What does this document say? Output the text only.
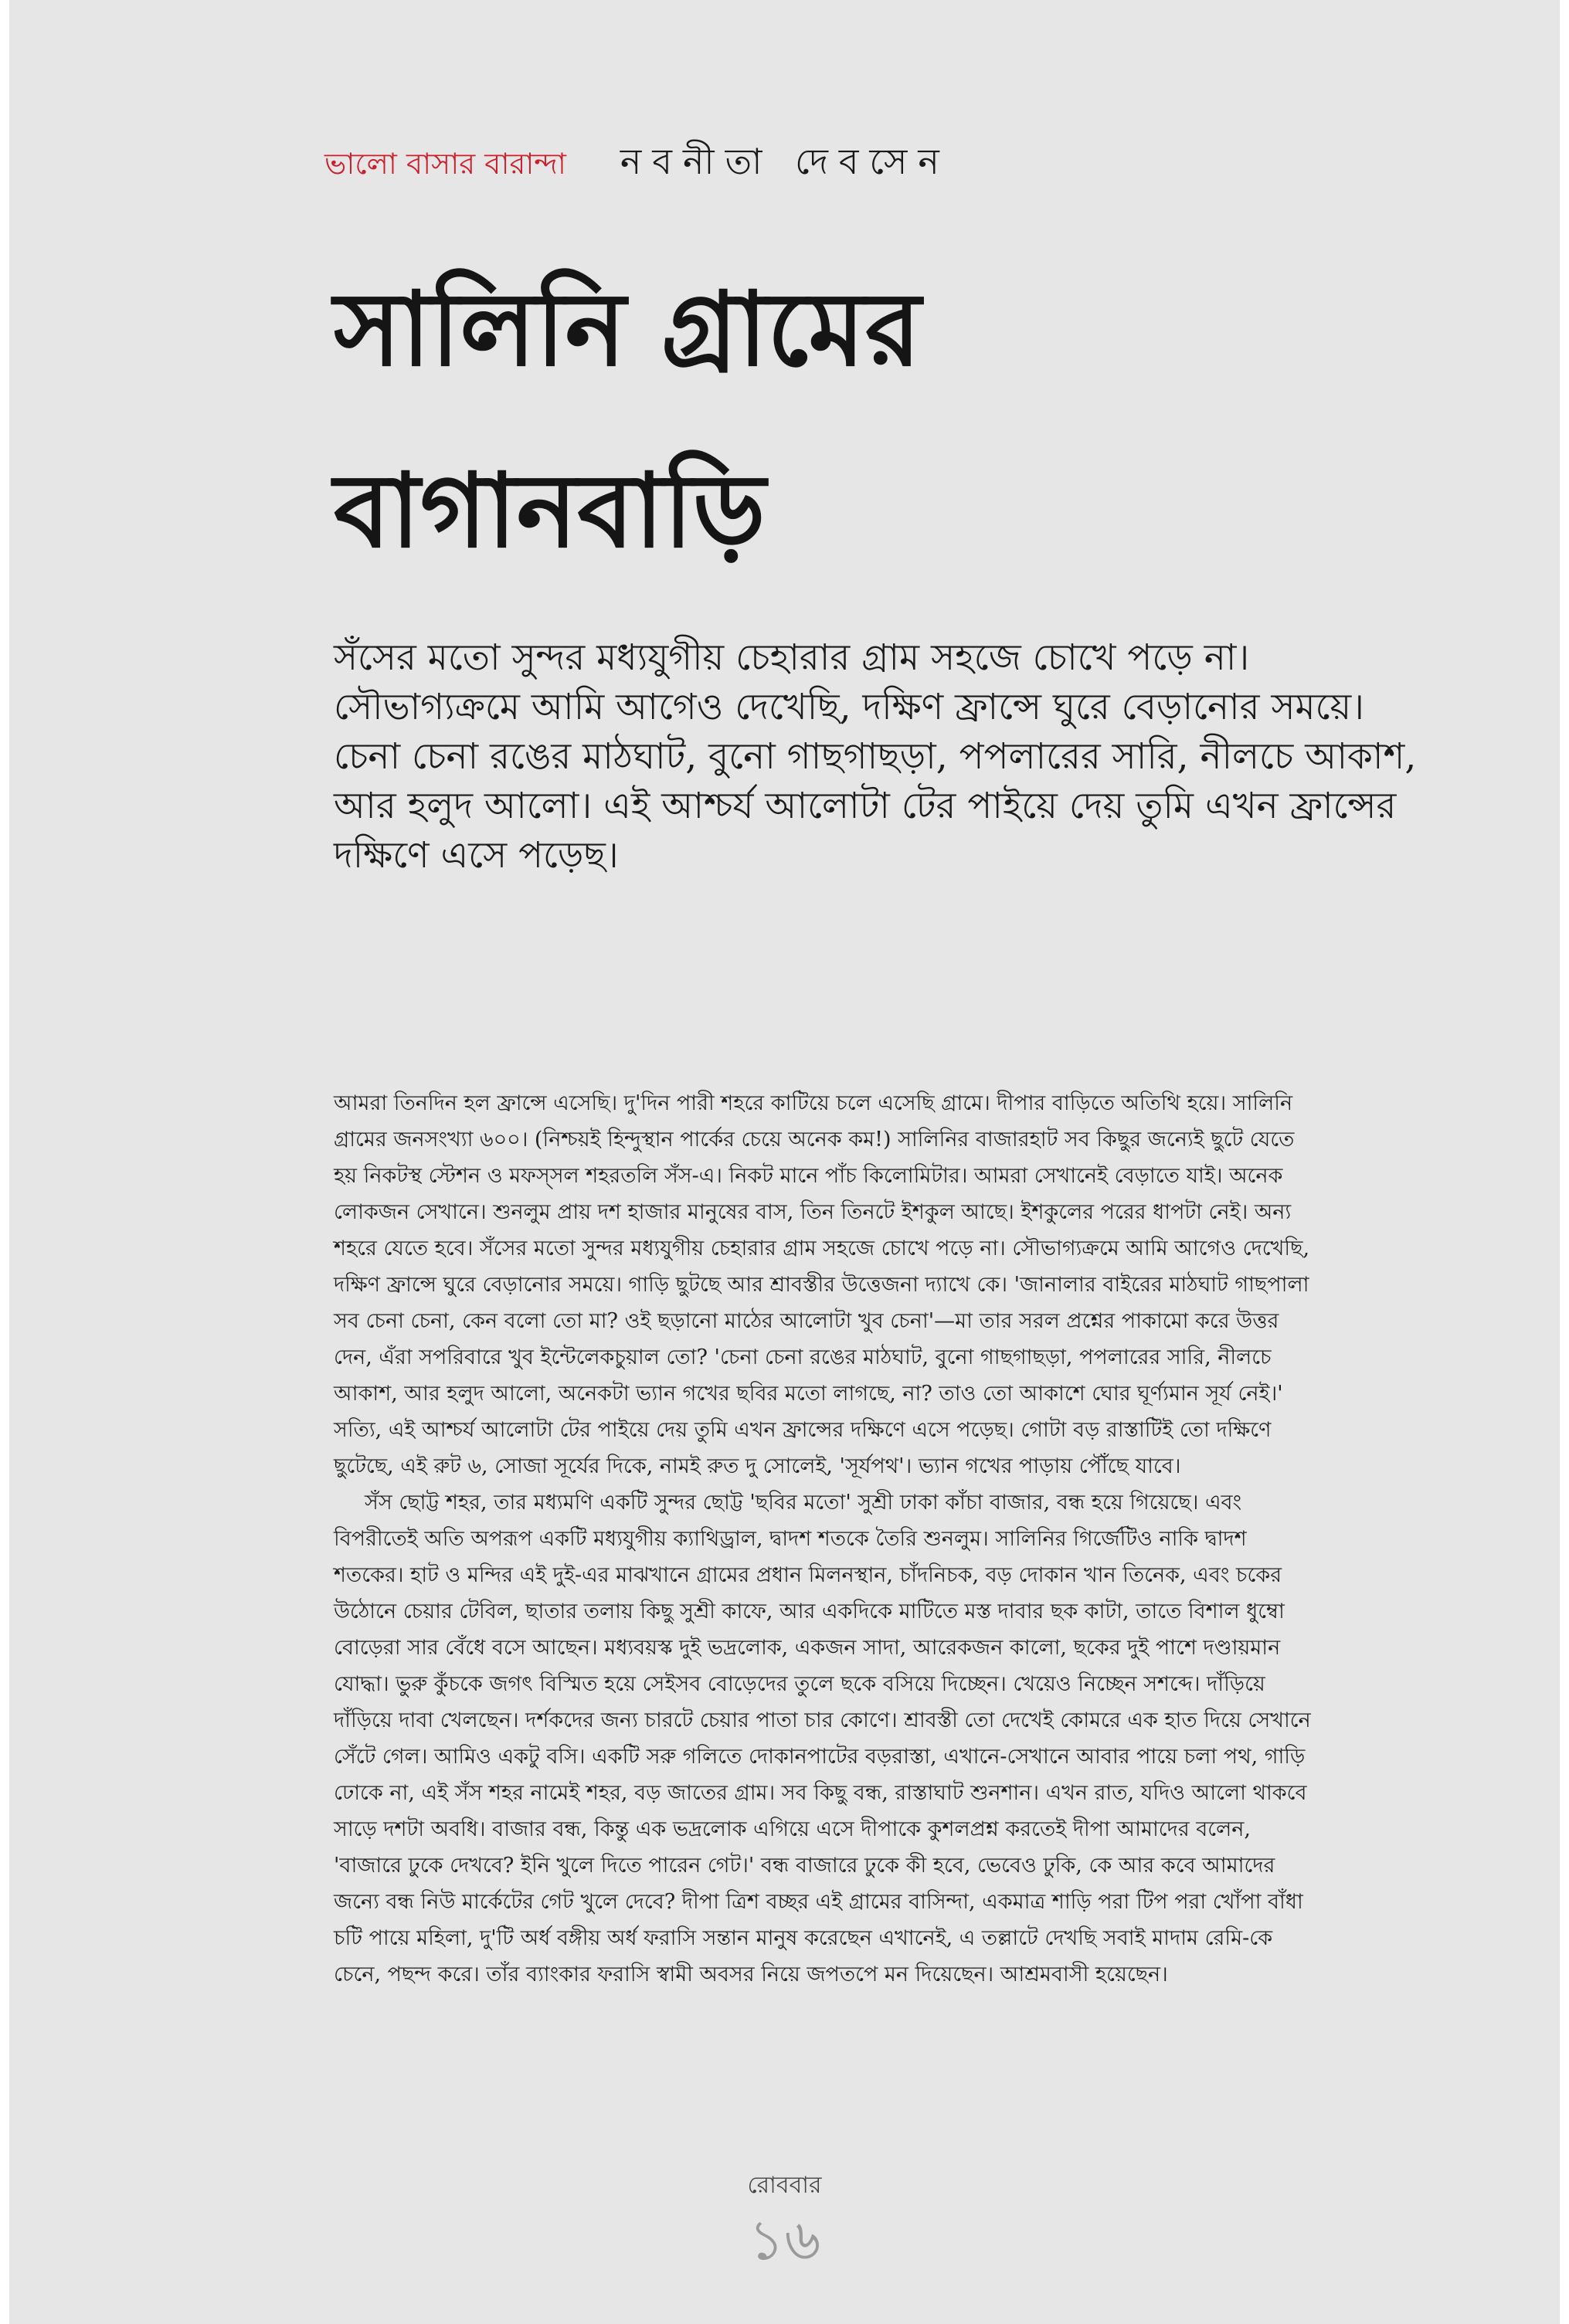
ভালো বাসার বারান্দা নবনীতা দেবসেন
সালিনি গ্রামের
বাগানবাড়ি

সঁসের মতো সুন্দর মধ্যযুগীয় চেহারার গ্রাম সহজে চোখে পড়ে না। সৌভাগ্যক্রমে আমি আগেও দেখেছি, দক্ষিণ ফ্রান্সে ঘুরে বেড়ানোর সময়ে। চেনা চেনা রঙের মাঠঘাট, বুনো গাছগাছড়া, পপলারের সারি, নীলচে আকাশ, আর হলুদ আলো। এই আশ্চর্য আলোটা টের পাইয়ে দেয় তুমি এখন ফ্রান্সের দক্ষিণে এসে পড়েছ।

আমরা তিনদিন হল ফ্রান্সে এসেছি। দু'দিন পারী শহরে কাটিয়ে চলে এসেছি গ্রামে। দীপার বাড়িতে অতিথি হয়ে। সালিনি গ্রামের জনসংখ্যা ৬০০। (নিশ্চয়ই হিন্দুস্থান পার্কের চেয়ে অনেক কম!) সালিনির বাজারহাট সব কিছুর জন্যেই ছুটে যেতে হয় নিকটস্থ স্টেশন ও মফস্সল শহরতলি সঁস-এ। নিকট মানে পাঁচ কিলোমিটার। আমরা সেখানেই বেড়াতে যাই। অনেক লোকজন সেখানে। শুনলুম প্রায় দশ হাজার মানুষের বাস, তিন তিনটে ইশকুল আছে। ইশকুলের পরের ধাপটা নেই। অন্য শহরে যেতে হবে। সঁসের মতো সুন্দর মধ্যযুগীয় চেহারার গ্রাম সহজে চোখে পড়ে না। সৌভাগ্যক্রমে আমি আগেও দেখেছি, দক্ষিণ ফ্রান্সে ঘুরে বেড়ানোর সময়ে। গাড়ি ছুটছে আর শ্রাবস্তীর উত্তেজনা দ্যাখে কে। 'জানালার বাইরের মাঠঘাট গাছপালা সব চেনা চেনা, কেন বলো তো মা? ওই ছড়ানো মাঠের আলোটা খুব চেনা'—মা তার সরল প্রশ্নের পাকামো করে উত্তর দেন, এঁরা সপরিবারে খুব ইন্টেলেকচুয়াল তো? 'চেনা চেনা রঙের মাঠঘাট, বুনো গাছগাছড়া, পপলারের সারি, নীলচে আকাশ, আর হলুদ আলো, অনেকটা ভ্যান গখের ছবির মতো লাগছে, না? তাও তো আকাশে ঘোর ঘূর্ণ্যমান সূর্য নেই।' সত্যি, এই আশ্চর্য আলোটা টের পাইয়ে দেয় তুমি এখন ফ্রান্সের দক্ষিণে এসে পড়েছ। গোটা বড় রাস্তাটিই তো দক্ষিণে ছুটেছে, এই রুট ৬, সোজা সূর্যের দিকে, নামই রুত দু সোলেই, 'সূর্যপথ'। ভ্যান গখের পাড়ায় পৌঁছে যাবে।

সঁস ছোট্ট শহর, তার মধ্যমণি একটি সুন্দর ছোট্ট 'ছবির মতো' সুশ্রী ঢাকা কাঁচা বাজার, বন্ধ হয়ে গিয়েছে। এবং বিপরীতেই অতি অপরূপ একটি মধ্যযুগীয় ক্যাথিড্রাল, দ্বাদশ শতকে তৈরি শুনলুম। সালিনির গির্জেটিও নাকি দ্বাদশ শতকের। হাট ও মন্দির এই দুই-এর মাঝখানে গ্রামের প্রধান মিলনস্থান, চাঁদনিচক, বড় দোকান খান তিনেক, এবং চকের উঠোনে চেয়ার টেবিল, ছাতার তলায় কিছু সুশ্রী কাফে, আর একদিকে মাটিতে মস্ত দাবার ছক কাটা, তাতে বিশাল ধুম্বো বোড়েরা সার বেঁধে বসে আছেন। মধ্যবয়স্ক দুই ভদ্রলোক, একজন সাদা, আরেকজন কালো, ছকের দুই পাশে দণ্ডায়মান যোদ্ধা। ভুরু কুঁচকে জগৎ বিস্মিত হয়ে সেইসব বোড়েদের তুলে ছকে বসিয়ে দিচ্ছেন। খেয়েও নিচ্ছেন সশব্দে। দাঁড়িয়ে দাঁড়িয়ে দাবা খেলছেন। দর্শকদের জন্য চারটে চেয়ার পাতা চার কোণে। শ্রাবস্তী তো দেখেই কোমরে এক হাত দিয়ে সেখানে সেঁটে গেল। আমিও একটু বসি। একটি সরু গলিতে দোকানপাটের বড়রাস্তা, এখানে-সেখানে আবার পায়ে চলা পথ, গাড়ি ঢোকে না, এই সঁস শহর নামেই শহর, বড় জাতের গ্রাম। সব কিছু বন্ধ, রাস্তাঘাট শুনশান। এখন রাত, যদিও আলো থাকবে সাড়ে দশটা অবধি। বাজার বন্ধ, কিন্তু এক ভদ্রলোক এগিয়ে এসে দীপাকে কুশলপ্রশ্ন করতেই দীপা আমাদের বলেন, 'বাজারে ঢুকে দেখবে? ইনি খুলে দিতে পারেন গেট।' বন্ধ বাজারে ঢুকে কী হবে, ভেবেও ঢুকি, কে আর কবে আমাদের জন্যে বন্ধ নিউ মার্কেটের গেট খুলে দেবে? দীপা ত্রিশ বচ্ছর এই গ্রামের বাসিন্দা, একমাত্র শাড়ি পরা টিপ পরা খোঁপা বাঁধা চটি পায়ে মহিলা, দু'টি অর্ধ বঙ্গীয় অর্ধ ফরাসি সন্তান মানুষ করেছেন এখানেই, এ তল্লাটে দেখছি সবাই মাদাম রেমি-কে চেনে, পছন্দ করে। তাঁর ব্যাংকার ফরাসি স্বামী অবসর নিয়ে জপতপে মন দিয়েছেন। আশ্রমবাসী হয়েছেন।

রোববার
১৬
